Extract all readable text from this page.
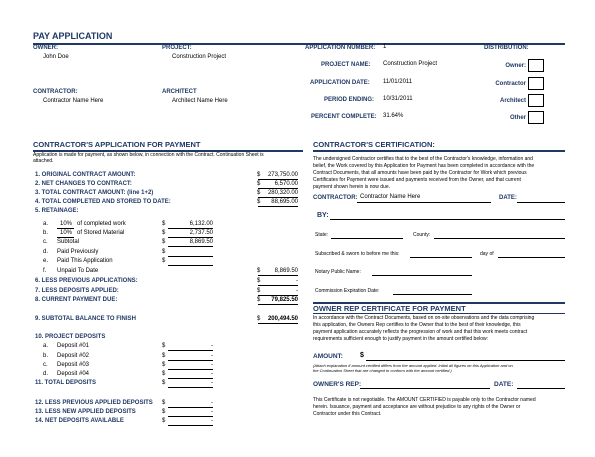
PAY APPLICATION
OWNER:
John Doe
PROJECT:
Construction Project
APPLICATION NUMBER: 1	DISTRIBUTION:
PROJECT NAME: Construction Project
APPLICATION DATE: 11/01/2011
PERIOD ENDING: 10/31/2011
PERCENT COMPLETE: 31.64%
CONTRACTOR:
Contractor Name Here
ARCHITECT
Architect Name Here
Owner:
Contractor
Architect
Other
CONTRACTOR'S APPLICATION FOR PAYMENT
Application is made for payment, as shown below, in connection with the Contract. Continuation Sheet is
attached.
1. ORIGINAL CONTRACT AMOUNT:	$	273,750.00
2. NET CHANGES TO CONTRACT:	$	6,570.00
3. TOTAL CONTRACT AMOUNT: (line 1+2)	$	280,320.00
4. TOTAL COMPLETED AND STORED TO DATE:	$	88,695.00
5. RETAINAGE:
a. 10% of completed work	$	6,132.00
b. 10% of Stored Material	$	2,737.50
c. Subtotal	$	8,869.50
d. Paid Previously	$
e. Paid This Application	$
f. Unpaid To Date	$	8,869.50
6. LESS PREVIOUS APPLICATIONS:	$	-
7. LESS DEPOSITS APPLIED:	$	-
8. CURRENT PAYMENT DUE:	$	79,825.50
9. SUBTOTAL BALANCE TO FINISH	$	200,494.50
10. PROJECT DEPOSITS
a. Deposit #01	$	-
b. Deposit #02	$	-
c. Deposit #03	$	-
d. Deposit #04	$	-
11. TOTAL DEPOSITS	$	-
12. LESS PREVIOUS APPLIED DEPOSITS $	-
13. LESS NEW APPLIED DEPOSITS	$	-
14. NET DEPOSITS AVAILABLE	$	-
CONTRACTOR'S CERTIFICATION:
The undersigned Contractor certifies that to the best of the Contractor's knowledge, information and
belief, the Work covered by this Application for Payment has been completed in accordance with the
Contract Documents, that all amounts have been paid by the Contractor for Work which previous
Certificates for Payment were issued and payments received from the Owner, and that current
payment shown herein is now due.
CONTRACTOR: Contractor Name Here	DATE:
BY:
State:	County:
Subscribed & sworn to before me this:	day of
Notary Public Name:
Commission Expiration Date:
OWNER REP CERTIFICATE FOR PAYMENT
In accordance with the Contract Documents, based on on-site observations and the data comprising
this application, the Owners Rep certifies to the Owner that to the best of their knowledge, this
payment application accurately reflects the progression of work and that this work meets contract
requirements sufficient enough to justify payment in the amount certified below:
AMOUNT: $
(Attach explanation if amount certified differs from the amount applied. Initial all figures on this Application and on
the Continuation Sheet that are changed to conform with the amount certified.)
OWNER'S REP:	DATE:
This Certificate is not negotiable. The AMOUNT CERTIFIED is payable only to the Contractor named
herein. Issuance, payment and acceptance are without prejudice to any rights of the Owner or
Contractor under this Contract.
